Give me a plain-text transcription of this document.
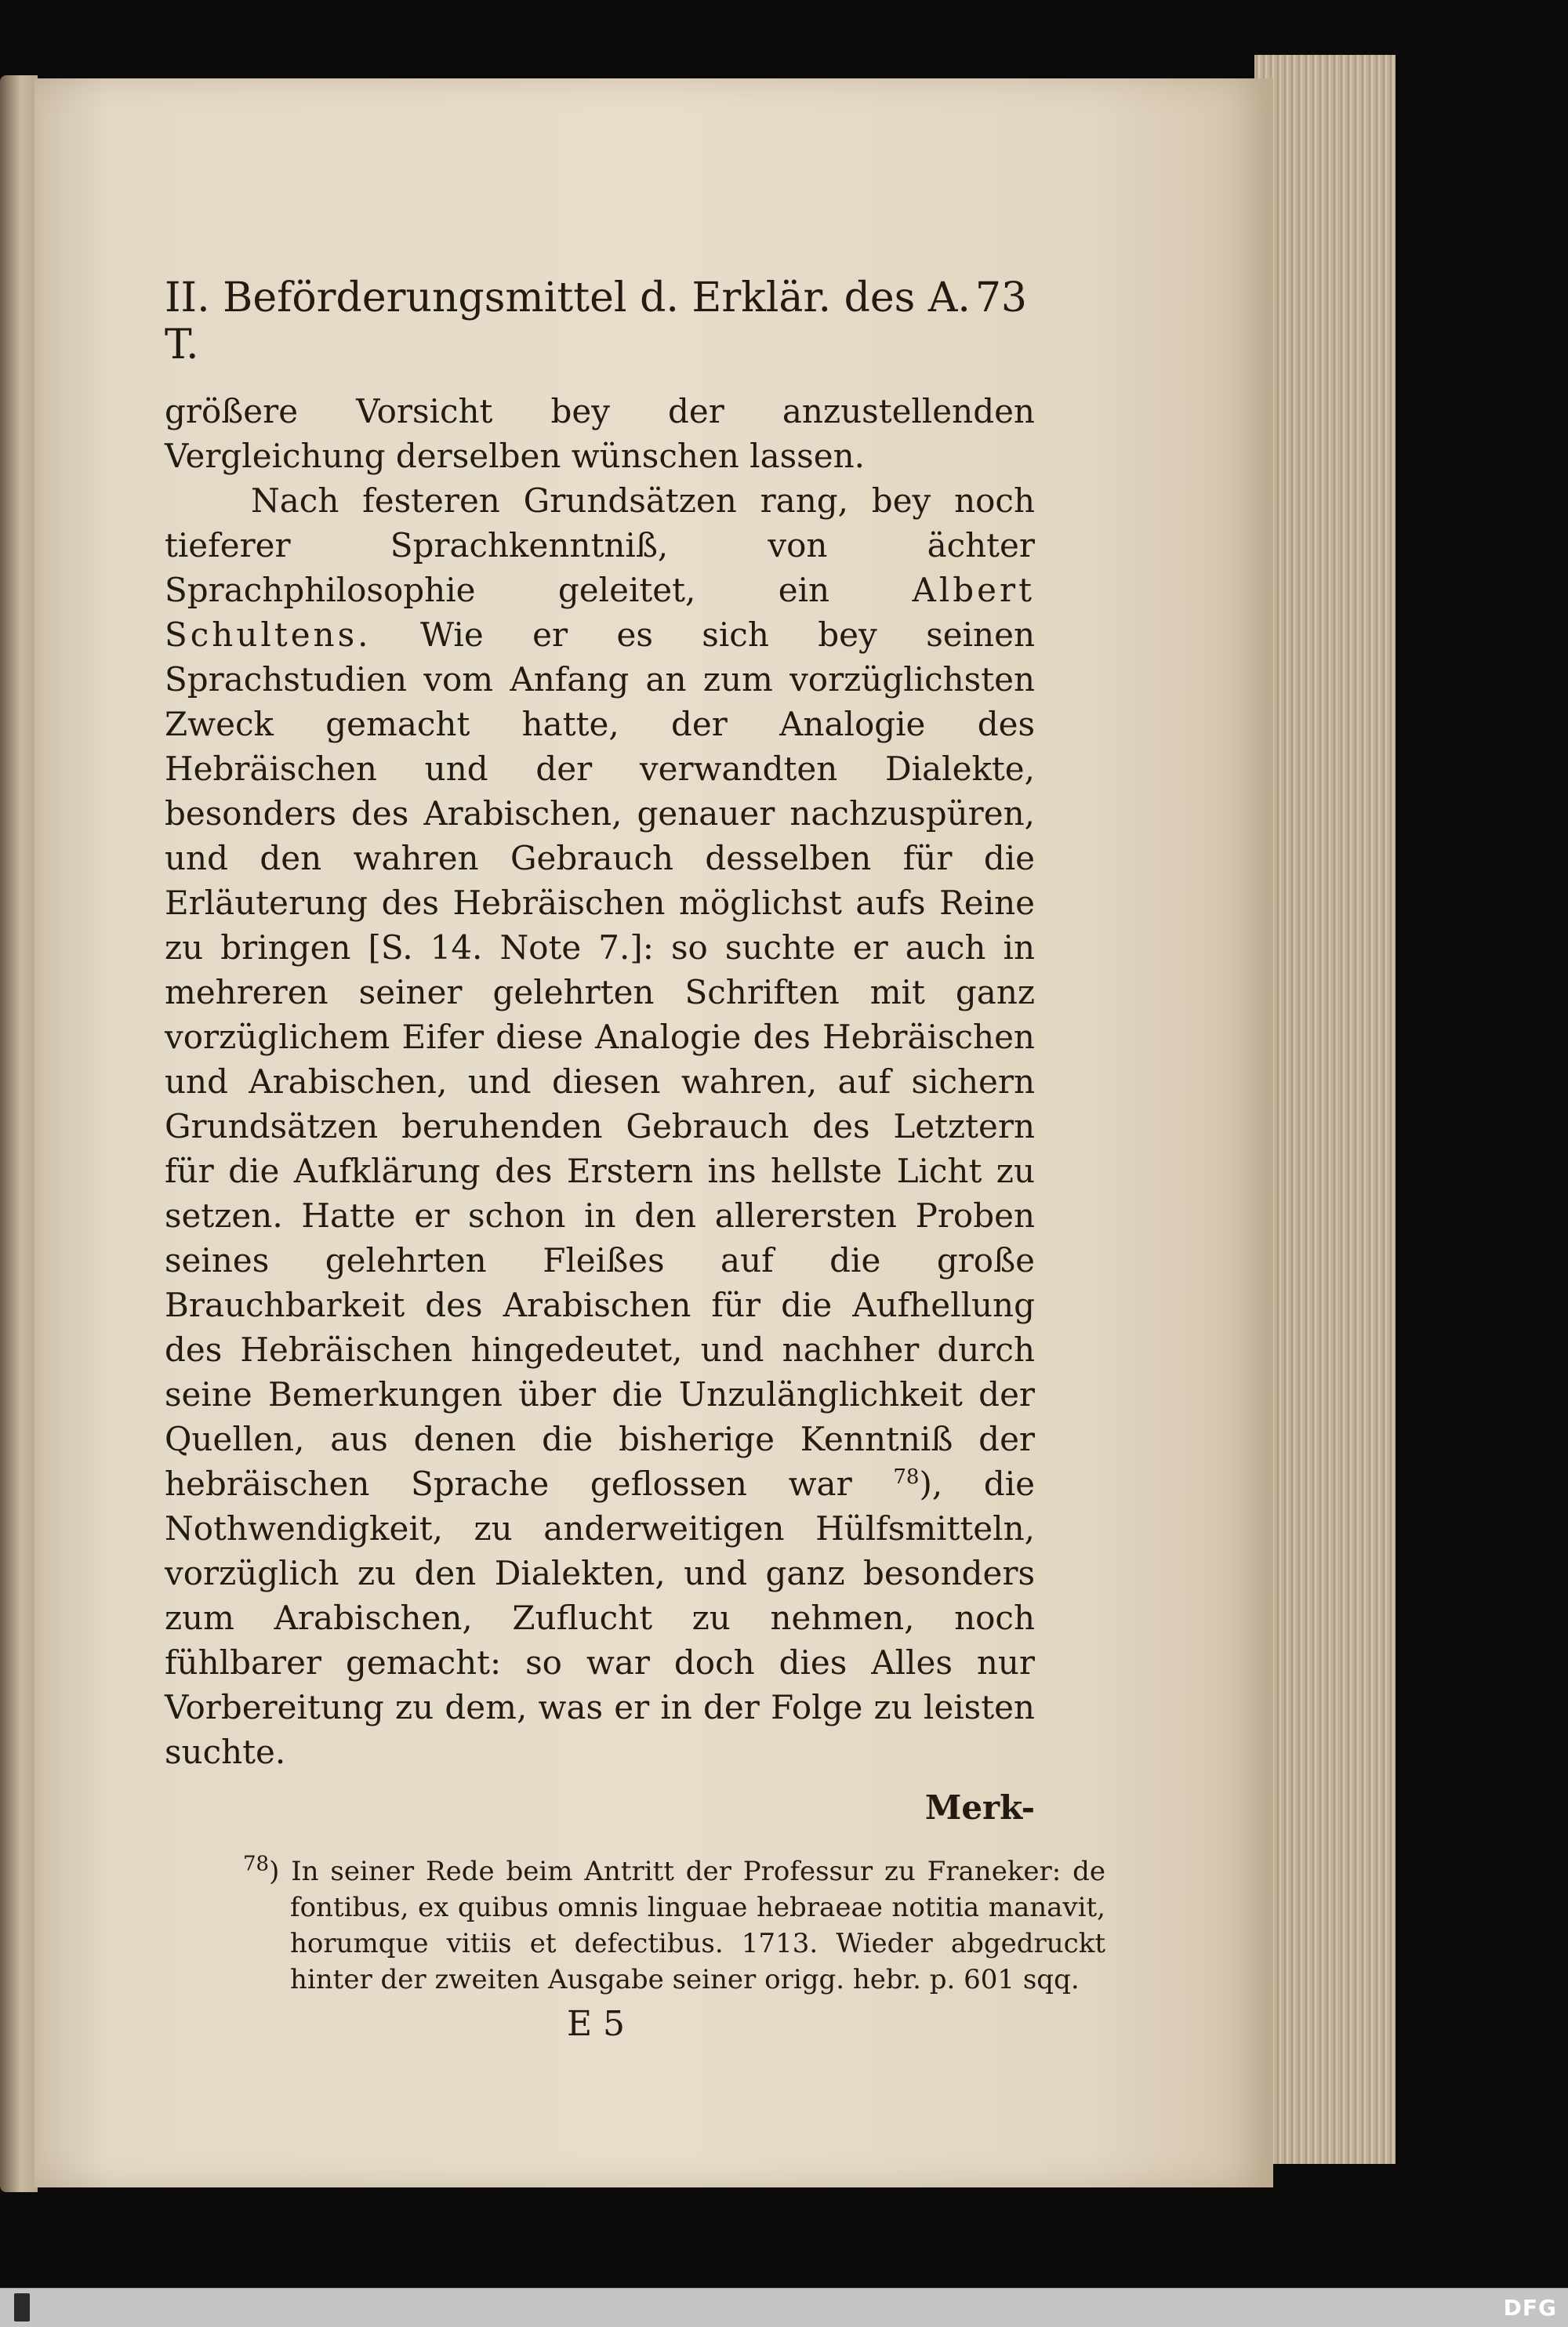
II. Beförderungsmittel d. Erklär. des A. T.
73

größere Vorsicht bey der anzustellenden Vergleichung derselben wünschen lassen.

Nach festeren Grundsätzen rang, bey noch tieferer Sprachkenntniß, von ächter Sprachphilosophie geleitet, ein	Albert Schultens. Wie er es sich bey seinen Sprachstudien vom Anfang an zum vorzüglichsten Zweck gemacht hatte, der Analogie des Hebräischen und der verwandten Dialekte, besonders des Arabischen, genauer nachzuspüren, und den wahren Gebrauch desselben für die Erläuterung des Hebräischen möglichst aufs Reine zu bringen [S. 14. Note 7.]: so suchte er auch in mehreren seiner gelehrten Schriften mit ganz vorzüglichem Eifer diese Analogie des Hebräischen und Arabischen, und diesen wahren, auf sichern Grundsätzen beruhenden Gebrauch des Letztern für die Aufklärung des Erstern ins hellste Licht zu setzen. Hatte er schon in den allerersten Proben seines gelehrten Fleißes auf die große Brauchbarkeit des Arabischen für die Aufhellung des Hebräischen hingedeutet, und nachher durch seine Bemerkungen über die Unzulänglichkeit der Quellen, aus denen die bisherige Kenntniß der hebräischen Sprache geflossen war $^{78}$), die Nothwendigkeit, zu anderweitigen Hülfsmitteln, vorzüglich zu den Dialekten, und ganz besonders zum Arabischen, Zuflucht zu nehmen, noch fühlbarer gemacht: so war doch dies Alles nur Vorbereitung zu dem, was er in der Folge zu leisten suchte.

Merk-
$^{78}$) In seiner Rede beim Antritt der Professur zu Franeker: de fontibus, ex quibus omnis linguae hebraeae notitia manavit, horumque vitiis et defectibus. 1713. Wieder abgedruckt hinter der zweiten Ausgabe seiner origg. hebr. p. 601 sqq.
E 5
DFG
